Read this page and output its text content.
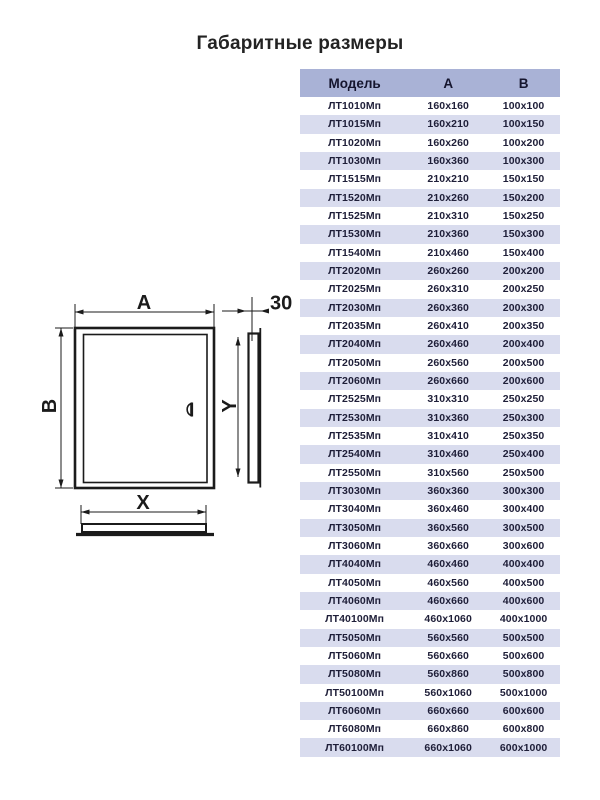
Габаритные размеры
A
B	Y
30
X
Модель	А	В
ЛТ1010Мп	160x160	100x100
ЛТ1015Мп	160x210	100x150
ЛТ1020Мп	160x260	100x200
ЛТ1030Мп	160x360	100x300
ЛТ1515Мп	210x210	150x150
ЛТ1520Мп	210x260	150x200
ЛТ1525Мп	210x310	150x250
ЛТ1530Мп	210x360	150x300
ЛТ1540Мп	210x460	150x400
ЛТ2020Мп	260x260	200x200
ЛТ2025Мп	260x310	200x250
ЛТ2030Мп	260x360	200x300
ЛТ2035Мп	260x410	200x350
ЛТ2040Мп	260x460	200x400
ЛТ2050Мп	260x560	200x500
ЛТ2060Мп	260x660	200x600
ЛТ2525Мп	310x310	250x250
ЛТ2530Мп	310x360	250x300
ЛТ2535Мп	310x410	250x350
ЛТ2540Мп	310x460	250x400
ЛТ2550Мп	310x560	250x500
ЛТ3030Мп	360x360	300x300
ЛТ3040Мп	360x460	300x400
ЛТ3050Мп	360x560	300x500
ЛТ3060Мп	360x660	300x600
ЛТ4040Мп	460x460	400x400
ЛТ4050Мп	460x560	400x500
ЛТ4060Мп	460x660	400x600
ЛТ40100Мп	460x1060	400x1000
ЛТ5050Мп	560x560	500x500
ЛТ5060Мп	560x660	500x600
ЛТ5080Мп	560x860	500x800
ЛТ50100Мп	560x1060	500x1000
ЛТ6060Мп	660x660	600x600
ЛТ6080Мп	660x860	600x800
ЛТ60100Мп	660x1060	600x1000
